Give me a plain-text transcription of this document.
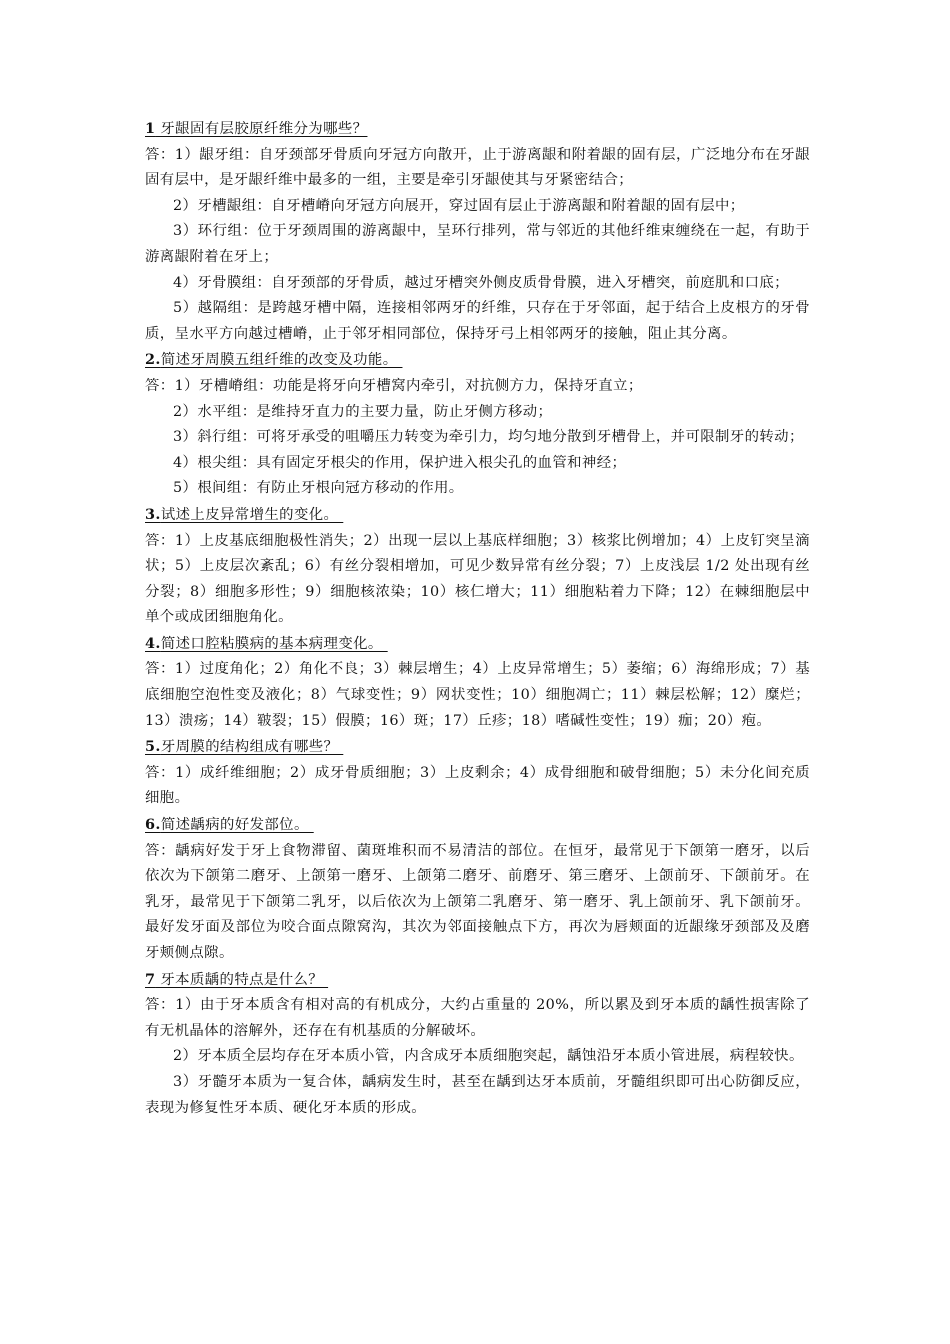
1 牙龈固有层胶原纤维分为哪些？

答：1）龈牙组：自牙颈部牙骨质向牙冠方向散开，止于游离龈和附着龈的固有层，广泛地分布在牙龈固有层中，是牙龈纤维中最多的一组，主要是牵引牙龈使其与牙紧密结合；

2）牙槽龈组：自牙槽嵴向牙冠方向展开，穿过固有层止于游离龈和附着龈的固有层中；

3）环行组：位于牙颈周围的游离龈中，呈环行排列，常与邻近的其他纤维束缠绕在一起，有助于游离龈附着在牙上；

4）牙骨膜组：自牙颈部的牙骨质，越过牙槽突外侧皮质骨骨膜，进入牙槽突，前庭肌和口底；

5）越隔组：是跨越牙槽中隔，连接相邻两牙的纤维，只存在于牙邻面，起于结合上皮根方的牙骨质，呈水平方向越过槽嵴，止于邻牙相同部位，保持牙弓上相邻两牙的接触，阻止其分离。

2.简述牙周膜五组纤维的改变及功能。

答：1）牙槽嵴组：功能是将牙向牙槽窝内牵引，对抗侧方力，保持牙直立；

2）水平组：是维持牙直力的主要力量，防止牙侧方移动；

3）斜行组：可将牙承受的咀嚼压力转变为牵引力，均匀地分散到牙槽骨上，并可限制牙的转动；

4）根尖组：具有固定牙根尖的作用，保护进入根尖孔的血管和神经；

5）根间组：有防止牙根向冠方移动的作用。

3.试述上皮异常增生的变化。

答：1）上皮基底细胞极性消失；2）出现一层以上基底样细胞；3）核浆比例增加；4）上皮钉突呈滴状；5）上皮层次紊乱；6）有丝分裂相增加，可见少数异常有丝分裂；7）上皮浅层 1/2 处出现有丝分裂；8）细胞多形性；9）细胞核浓染；10）核仁增大；11）细胞粘着力下降；12）在棘细胞层中单个或成团细胞角化。

4.简述口腔粘膜病的基本病理变化。

答：1）过度角化；2）角化不良；3）棘层增生；4）上皮异常增生；5）萎缩；6）海绵形成；7）基底细胞空泡性变及液化；8）气球变性；9）网状变性；10）细胞凋亡；11）棘层松解；12）糜烂；13）溃疡；14）皲裂；15）假膜；16）斑；17）丘疹；18）嗜碱性变性；19）痂；20）疱。

5.牙周膜的结构组成有哪些？

答：1）成纤维细胞；2）成牙骨质细胞；3）上皮剩余；4）成骨细胞和破骨细胞；5）未分化间充质细胞。

6.简述龋病的好发部位。

答：龋病好发于牙上食物滞留、菌斑堆积而不易清洁的部位。在恒牙，最常见于下颌第一磨牙，以后依次为下颌第二磨牙、上颌第一磨牙、上颌第二磨牙、前磨牙、第三磨牙、上颌前牙、下颌前牙。在乳牙，最常见于下颌第二乳牙，以后依次为上颌第二乳磨牙、第一磨牙、乳上颌前牙、乳下颌前牙。最好发牙面及部位为咬合面点隙窝沟，其次为邻面接触点下方，再次为唇颊面的近龈缘牙颈部及及磨牙颊侧点隙。

7 牙本质龋的特点是什么？

答：1）由于牙本质含有相对高的有机成分，大约占重量的 20%，所以累及到牙本质的龋性损害除了有无机晶体的溶解外，还存在有机基质的分解破坏。

2）牙本质全层均存在牙本质小管，内含成牙本质细胞突起，龋蚀沿牙本质小管进展，病程较快。

3）牙髓牙本质为一复合体，龋病发生时，甚至在龋到达牙本质前，牙髓组织即可出心防御反应，表现为修复性牙本质、硬化牙本质的形成。
